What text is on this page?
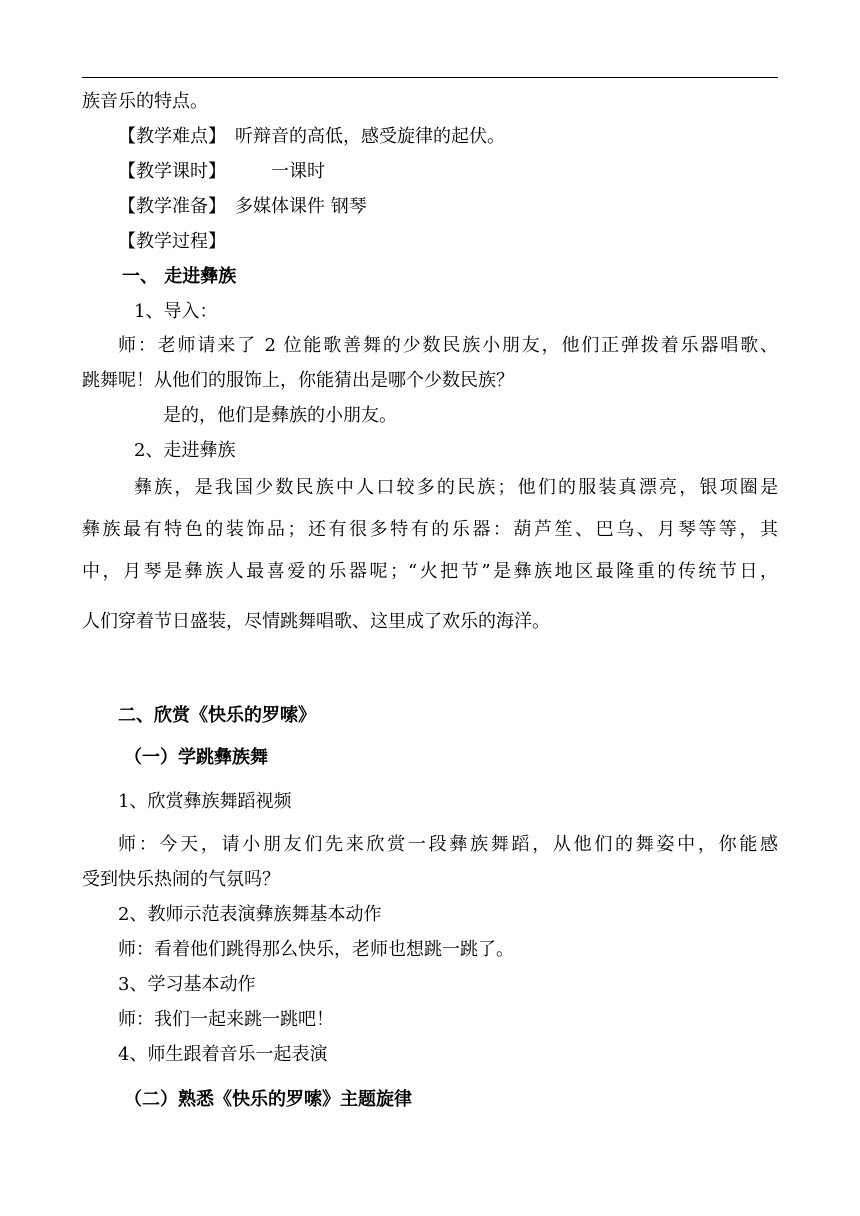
族音乐的特点。
【教学难点】　听辩音的高低，感受旋律的起伏。
【教学课时】　　　一课时
【教学准备】　多媒体课件 钢琴
【教学过程】
一、 走进彝族
1、导入：
师：老师请来了 2 位能歌善舞的少数民族小朋友，他们正弹拨着乐器唱歌、
跳舞呢！从他们的服饰上，你能猜出是哪个少数民族？
是的，他们是彝族的小朋友。
2、走进彝族
彝族，是我国少数民族中人口较多的民族；他们的服装真漂亮，银项圈是
彝族最有特色的装饰品；还有很多特有的乐器：葫芦笙、巴乌、月琴等等，其
中，月琴是彝族人最喜爱的乐器呢；“火把节”是彝族地区最隆重的传统节日，
人们穿着节日盛装，尽情跳舞唱歌、这里成了欢乐的海洋。
二、欣赏《快乐的罗嗦》
（一）学跳彝族舞
1、欣赏彝族舞蹈视频
师：今天，请小朋友们先来欣赏一段彝族舞蹈，从他们的舞姿中，你能感
受到快乐热闹的气氛吗？
2、教师示范表演彝族舞基本动作
师：看着他们跳得那么快乐，老师也想跳一跳了。
3、学习基本动作
师：我们一起来跳一跳吧！
4、师生跟着音乐一起表演
（二）熟悉《快乐的罗嗦》主题旋律
